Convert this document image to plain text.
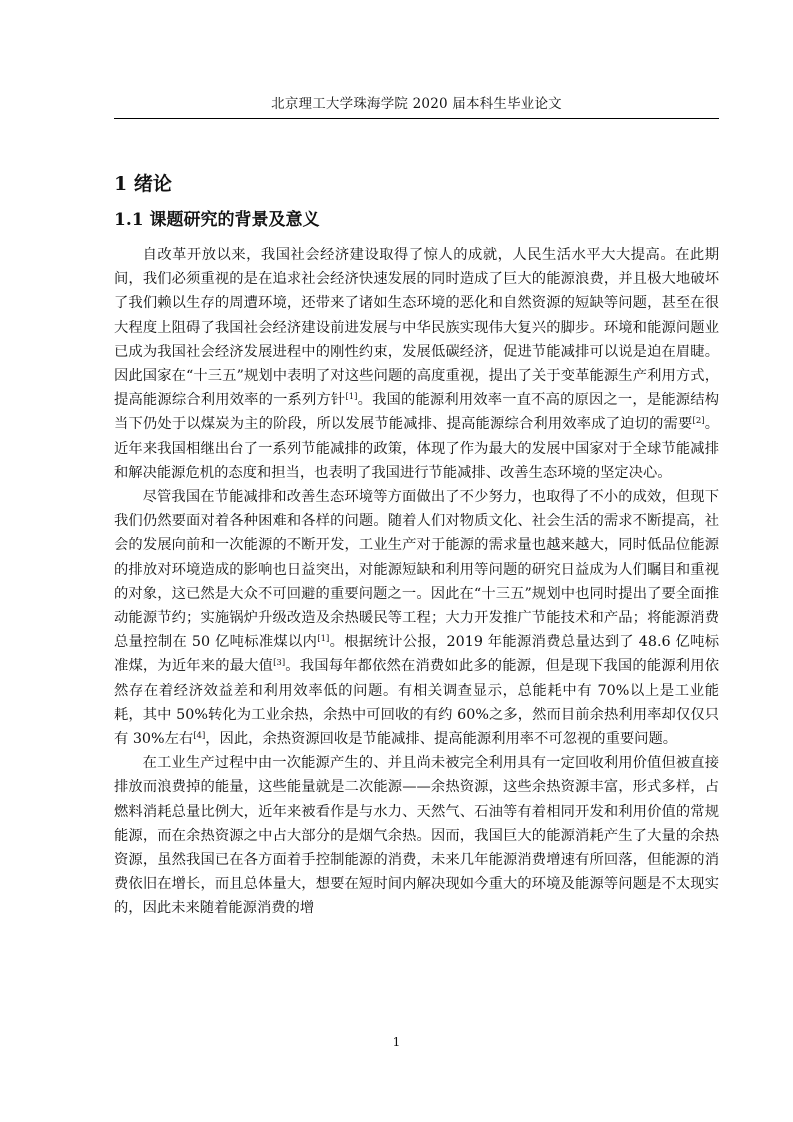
北京理工大学珠海学院 2020 届本科生毕业论文
1 绪论
1.1 课题研究的背景及意义

自改革开放以来，我国社会经济建设取得了惊人的成就，人民生活水平大大提高。在此期间，我们必须重视的是在追求社会经济快速发展的同时造成了巨大的能源浪费，并且极大地破坏了我们赖以生存的周遭环境，还带来了诸如生态环境的恶化和自然资源的短缺等问题，甚至在很大程度上阻碍了我国社会经济建设前进发展与中华民族实现伟大复兴的脚步。环境和能源问题业已成为我国社会经济发展进程中的刚性约束，发展低碳经济，促进节能减排可以说是迫在眉睫。因此国家在“十三五”规划中表明了对这些问题的高度重视，提出了关于变革能源生产利用方式，提高能源综合利用效率的一系列方针[1]。我国的能源利用效率一直不高的原因之一，是能源结构当下仍处于以煤炭为主的阶段，所以发展节能减排、提高能源综合利用效率成了迫切的需要[2]。近年来我国相继出台了一系列节能减排的政策，体现了作为最大的发展中国家对于全球节能减排和解决能源危机的态度和担当，也表明了我国进行节能减排、改善生态环境的坚定决心。

尽管我国在节能减排和改善生态环境等方面做出了不少努力，也取得了不小的成效，但现下我们仍然要面对着各种困难和各样的问题。随着人们对物质文化、社会生活的需求不断提高，社会的发展向前和一次能源的不断开发，工业生产对于能源的需求量也越来越大，同时低品位能源的排放对环境造成的影响也日益突出，对能源短缺和利用等问题的研究日益成为人们瞩目和重视的对象，这已然是大众不可回避的重要问题之一。因此在“十三五”规划中也同时提出了要全面推动能源节约；实施锅炉升级改造及余热暖民等工程；大力开发推广节能技术和产品；将能源消费总量控制在 50 亿吨标准煤以内[1]。根据统计公报，2019 年能源消费总量达到了 48.6 亿吨标准煤，为近年来的最大值[3]。我国每年都依然在消费如此多的能源，但是现下我国的能源利用依然存在着经济效益差和利用效率低的问题。有相关调查显示，总能耗中有 70%以上是工业能耗，其中 50%转化为工业余热，余热中可回收的有约 60%之多，然而目前余热利用率却仅仅只有 30%左右[4]，因此，余热资源回收是节能减排、提高能源利用率不可忽视的重要问题。

在工业生产过程中由一次能源产生的、并且尚未被完全利用具有一定回收利用价值但被直接排放而浪费掉的能量，这些能量就是二次能源——余热资源，这些余热资源丰富，形式多样，占燃料消耗总量比例大，近年来被看作是与水力、天然气、石油等有着相同开发和利用价值的常规能源，而在余热资源之中占大部分的是烟气余热。因而，我国巨大的能源消耗产生了大量的余热资源，虽然我国已在各方面着手控制能源的消费，未来几年能源消费增速有所回落，但能源的消费依旧在增长，而且总体量大，想要在短时间内解决现如今重大的环境及能源等问题是不太现实的，因此未来随着能源消费的增

1
